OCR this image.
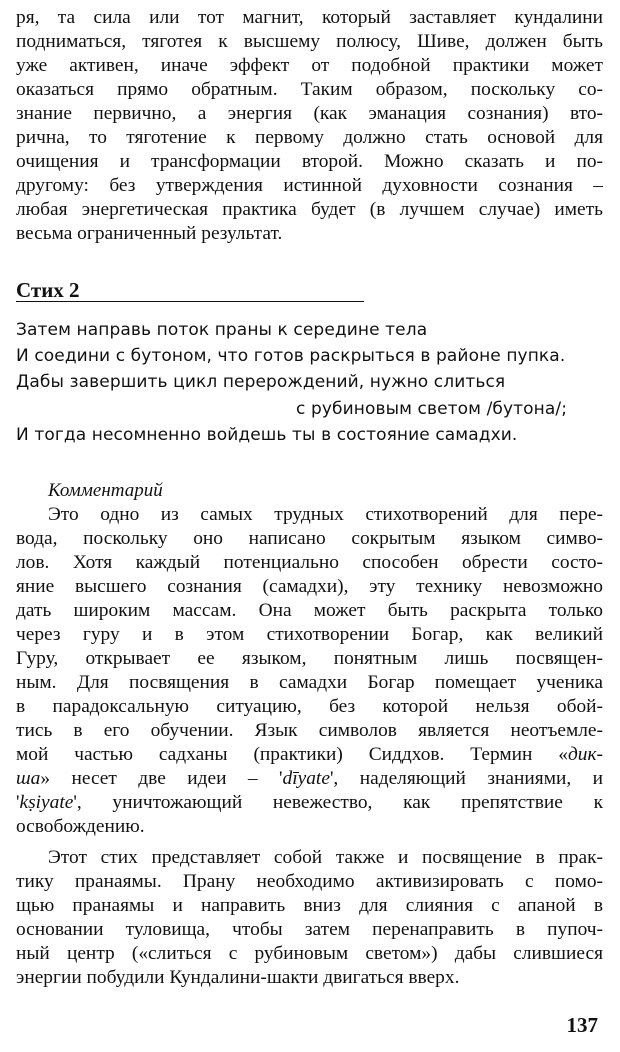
ря, та сила или тот магнит, который заставляет кундалини
подниматься, тяготея к высшему полюсу, Шиве, должен быть
уже активен, иначе эффект от подобной практики может
оказаться прямо обратным. Таким образом, поскольку со-
знание первично, а энергия (как эманация сознания) вто-
рична, то тяготение к первому должно стать основой для
очищения и трансформации второй. Можно сказать и по-
другому: без утверждения истинной духовности сознания –
любая энергетическая практика будет (в лучшем случае) иметь
весьма ограниченный результат.
Стих 2
Затем направь поток праны к середине тела
И соедини с бутоном, что готов раскрыться в районе пупка.
Дабы завершить цикл перерождений, нужно слиться
с рубиновым светом /бутона/;
И тогда несомненно войдешь ты в состояние самадхи.
Комментарий
Это одно из самых трудных стихотворений для пере-
вода, поскольку оно написано сокрытым языком симво-
лов. Хотя каждый потенциально способен обрести состо-
яние высшего сознания (самадхи), эту технику невозможно
дать широким массам. Она может быть раскрыта только
через гуру и в этом стихотворении Богар, как великий
Гуру, открывает ее языком, понятным лишь посвящен-
ным. Для посвящения в самадхи Богар помещает ученика
в парадоксальную ситуацию, без которой нельзя обой-
тись в его обучении. Язык символов является неотъемле-
мой частью садханы (практики) Сиддхов. Термин «дик-
ша» несет две идеи – 'dīyate', наделяющий знаниями, и
'kṣiyate', уничтожающий невежество, как препятствие к
освобождению.
Этот стих представляет собой также и посвящение в прак-
тику пранаямы. Прану необходимо активизировать с помо-
щью пранаямы и направить вниз для слияния с апаной в
основании туловища, чтобы затем перенаправить в пупоч-
ный центр («слиться с рубиновым светом») дабы слившиеся
энергии побудили Кундалини-шакти двигаться вверх.
137
